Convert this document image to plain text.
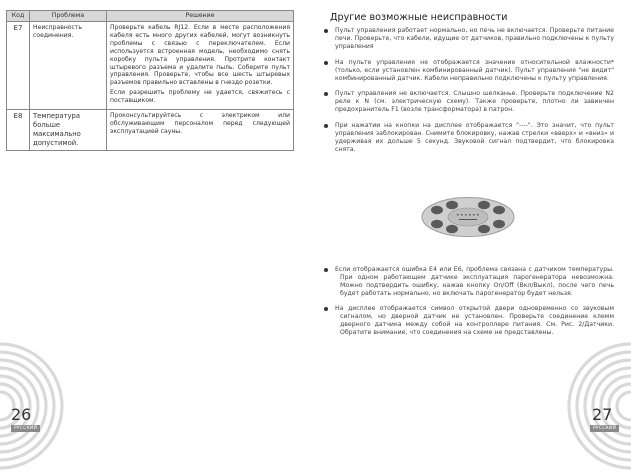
Код	Проблема	Решение
E7	Неисправность соединения.	Проверьте кабель RJ12. Если в месте расположения кабеля есть много другиx кабелей, могут возникнуть проблемы с связью с переключателем. Если используется встроенная модель, необходимо снять коробку пульта управления. Протрите контакт штыревого разъема и удалите пыль. Соберите пульт управления. Проверьте, чтобы все шесть штыревых разъемов правильно вставлены в гнездо розетки.

Если разрешить проблему не удается, свяжитесь с поставщиком.

E8	Температура больше максимально допустимой.	Проконсультируйтесь с электриком или обслуживающим персоналом перед следующей эксплуатацией сауны.

26
РУССКИЙ
Другие возможные неисправности
Пульт управления работает нормально, но печь не включается. Проверьте питание печи. Проверьте, что кабели, идущие от датчиков, правильно подключены к пульту управления
На пульте управления не отображается значение относительной влажности* (только, если установлен комбинированный датчик). Пульт управления "не видит" комбинированный датчик. Кабели неправильно подключены к пульту управления.
Пульт управления не включается. Слышно шелканье. Проверьте подключение N2 реле к N (см. электрическую схему). Также проверьте, плотно ли завинчен предохранитель F1 (возле трансформатора) в патрон.
При нажатии на кнопки на дисплее отображается "----". Это значит, что пульт управления заблокирован. Снимите блокировку, нажав стрелки «вверх» и «вниз» и удерживая их дольше 5 секунд. Звуковой сигнал подтвердит, что блокировка снята.
Если отображается ошибка E4 или E6, проблема связана с датчиком температуры. При одном работающем датчике эксплуатация парогенератора невозможна. Можно подтвердить ошибку, нажав кнопку On/Off (Вкл/Выкл), после чего печь будет работать нормально, но включать парогенератор будет нельзя.
На дисплее отображается символ открытой двери одновременно со звуковым сигналом, но дверной датчик не установлен. Проверьте соединение клемм дверного датчика между собой на контроллере питания. См. Рис. 2/Датчики. Обратите внимание, что соединения на схеме не представлены.
27
РУССКИЙ
